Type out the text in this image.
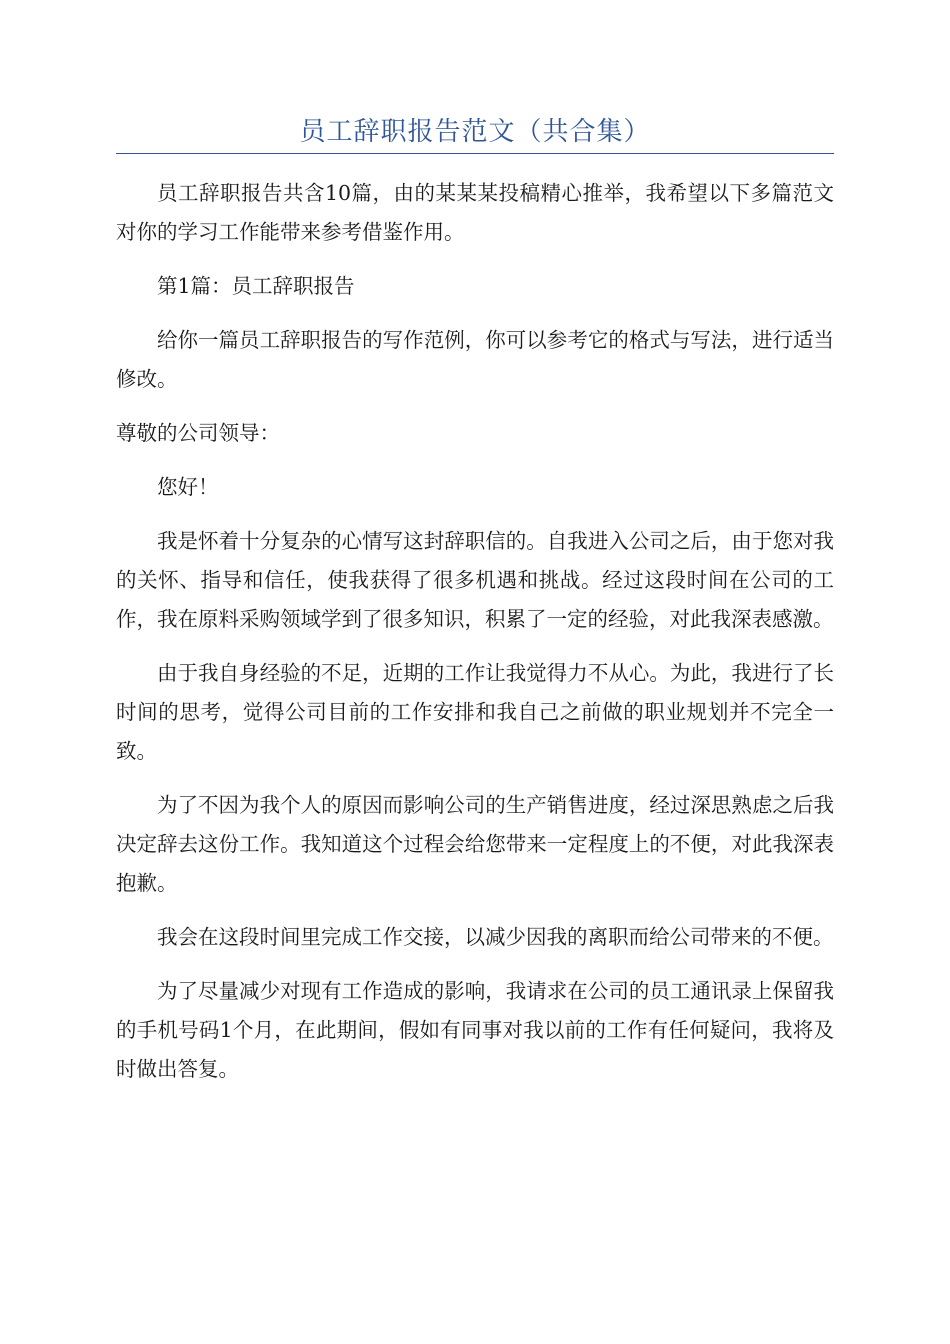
员工辞职报告范文（共合集）

员工辞职报告共含10篇，由的某某某投稿精心推举，我希望以下多篇范文对你的学习工作能带来参考借鉴作用。

第1篇：员工辞职报告

给你一篇员工辞职报告的写作范例，你可以参考它的格式与写法，进行适当修改。

尊敬的公司领导：

您好！

我是怀着十分复杂的心情写这封辞职信的。自我进入公司之后，由于您对我的关怀、指导和信任，使我获得了很多机遇和挑战。经过这段时间在公司的工作，我在原料采购领域学到了很多知识，积累了一定的经验，对此我深表感激。

由于我自身经验的不足，近期的工作让我觉得力不从心。为此，我进行了长时间的思考，觉得公司目前的工作安排和我自己之前做的职业规划并不完全一致。

为了不因为我个人的原因而影响公司的生产销售进度，经过深思熟虑之后我决定辞去这份工作。我知道这个过程会给您带来一定程度上的不便，对此我深表抱歉。

我会在这段时间里完成工作交接，以减少因我的离职而给公司带来的不便。

为了尽量减少对现有工作造成的影响，我请求在公司的员工通讯录上保留我的手机号码1个月，在此期间，假如有同事对我以前的工作有任何疑问，我将及时做出答复。
